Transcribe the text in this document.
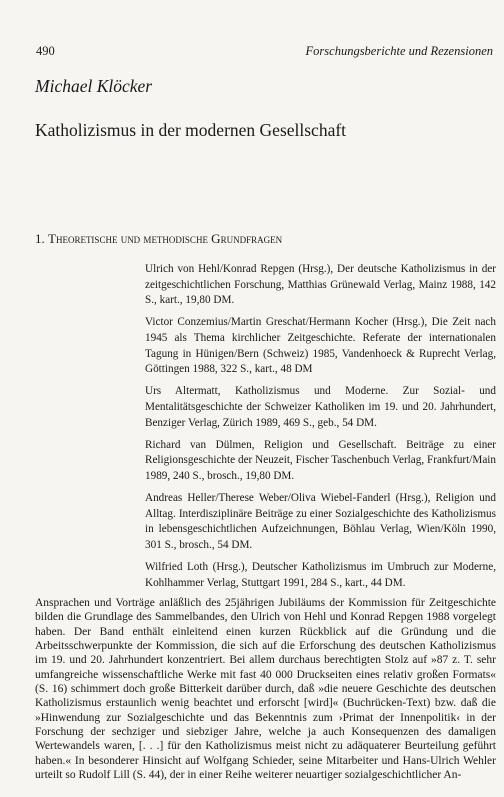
490	Forschungsberichte und Rezensionen
Michael Klöcker
Katholizismus in der modernen Gesellschaft
1. Theoretische und methodische Grundfragen

Ulrich von Hehl/Konrad Repgen (Hrsg.), Der deutsche Katholizismus in der zeitgeschichtlichen Forschung, Matthias Grünewald Verlag, Mainz 1988, 142 S., kart., 19,80 DM.

Victor Conzemius/Martin Greschat/Hermann Kocher (Hrsg.), Die Zeit nach 1945 als Thema kirchlicher Zeitgeschichte. Referate der internationalen Tagung in Hünigen/Bern (Schweiz) 1985, Vandenhoeck & Ruprecht Verlag, Göttingen 1988, 322 S., kart., 48 DM

Urs Altermatt, Katholizismus und Moderne. Zur Sozial- und Mentalitätsgeschichte der Schweizer Katholiken im 19. und 20. Jahrhundert, Benziger Verlag, Zürich 1989, 469 S., geb., 54 DM.

Richard van Dülmen, Religion und Gesellschaft. Beiträge zu einer Religionsgeschichte der Neuzeit, Fischer Taschenbuch Verlag, Frankfurt/Main 1989, 240 S., brosch., 19,80 DM.

Andreas Heller/Therese Weber/Oliva Wiebel-Fanderl (Hrsg.), Religion und Alltag. Interdisziplinäre Beiträge zu einer Sozialgeschichte des Katholizismus in lebensgeschichtlichen Aufzeichnungen, Böhlau Verlag, Wien/Köln 1990, 301 S., brosch., 54 DM.

Wilfried Loth (Hrsg.), Deutscher Katholizismus im Umbruch zur Moderne, Kohlhammer Verlag, Stuttgart 1991, 284 S., kart., 44 DM.

Ansprachen und Vorträge anläßlich des 25jährigen Jubiläums der Kommission für Zeitgeschichte bilden die Grundlage des Sammelbandes, den Ulrich von Hehl und Konrad Repgen 1988 vorgelegt haben. Der Band enthält einleitend einen kurzen Rückblick auf die Gründung und die Arbeitsschwerpunkte der Kommission, die sich auf die Erforschung des deutschen Katholizismus im 19. und 20. Jahrhundert konzentriert. Bei allem durchaus berechtigten Stolz auf »87 z. T. sehr umfangreiche wissenschaftliche Werke mit fast 40 000 Druckseiten eines relativ großen Formats« (S. 16) schimmert doch große Bitterkeit darüber durch, daß »die neuere Geschichte des deutschen Katholizismus erstaunlich wenig beachtet und erforscht [wird]« (Buchrücken-Text) bzw. daß die »Hinwendung zur Sozialgeschichte und das Bekenntnis zum ›Primat der Innenpolitik‹ in der Forschung der sechziger und siebziger Jahre, welche ja auch Konsequenzen des damaligen Wertewandels waren, [. . .] für den Katholizismus meist nicht zu adäquaterer Beurteilung geführt haben.« In besonderer Hinsicht auf Wolfgang Schieder, seine Mitarbeiter und Hans-Ulrich Wehler urteilt so Rudolf Lill (S. 44), der in einer Reihe weiterer neuartiger sozialgeschichtlicher An-
